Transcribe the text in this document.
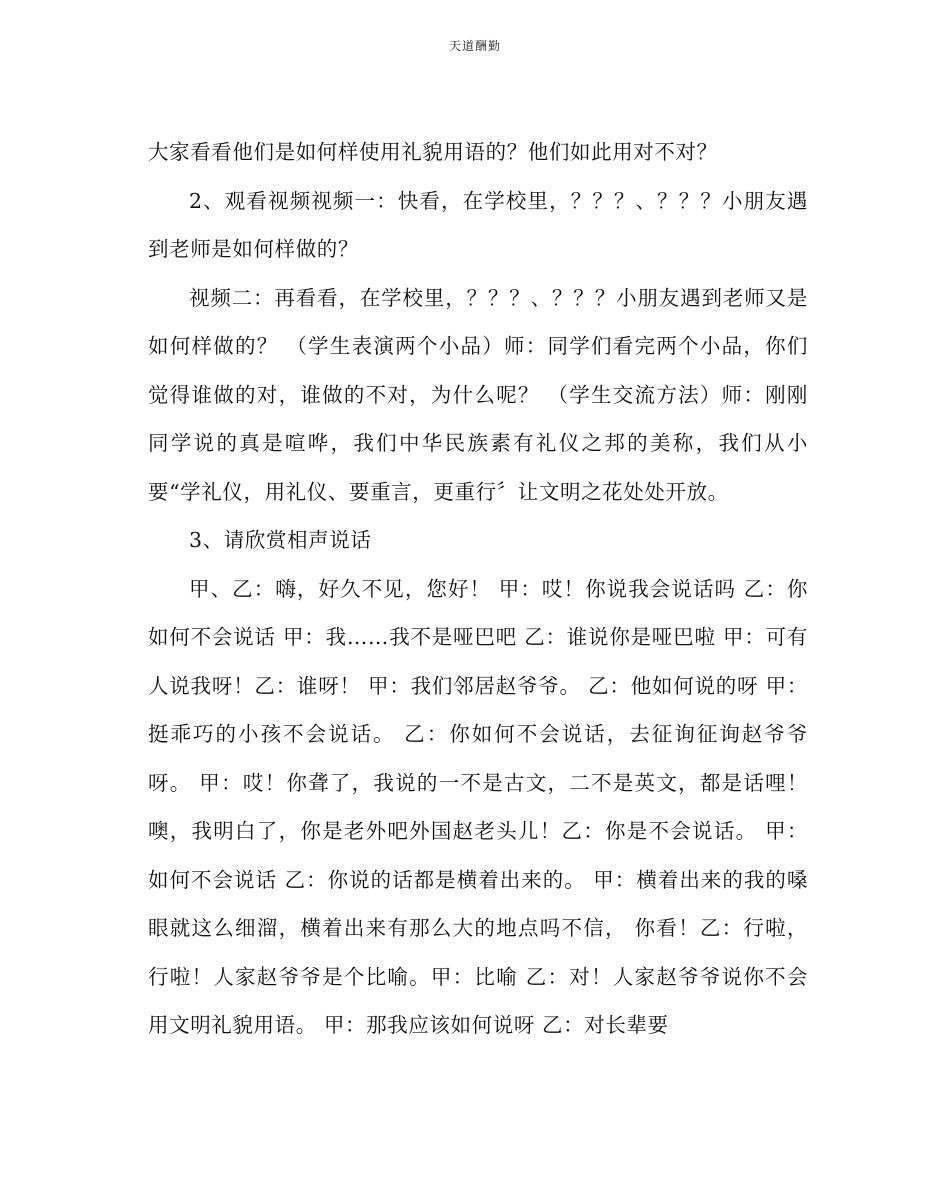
天道酬勤

大家看看他们是如何样使用礼貌用语的？他们如此用对不对？

2、观看视频视频一：快看，在学校里，？？？、？？？小朋友遇到老师是如何样做的？

视频二：再看看，在学校里，？？？、？？？小朋友遇到老师又是如何样做的？ （学生表演两个小品）师：同学们看完两个小品，你们觉得谁做的对，谁做的不对，为什么呢？ （学生交流方法）师：刚刚同学说的真是喧哗，我们中华民族素有礼仪之邦的美称，我们从小要“学礼仪，用礼仪、要重言，更重行〞让文明之花处处开放。

3、请欣赏相声说话

甲、乙：嗨，好久不见，您好！ 甲：哎！你说我会说话吗 乙：你如何不会说话 甲：我……我不是哑巴吧 乙：谁说你是哑巴啦 甲：可有人说我呀！乙：谁呀！ 甲：我们邻居赵爷爷。 乙：他如何说的呀 甲：挺乖巧的小孩不会说话。 乙：你如何不会说话，去征询征询赵爷爷呀。 甲：哎！你聋了，我说的一不是古文，二不是英文，都是话哩！噢，我明白了，你是老外吧外国赵老头儿！乙：你是不会说话。 甲：如何不会说话 乙：你说的话都是横着出来的。 甲：横着出来的我的嗓眼就这么细溜，横着出来有那么大的地点吗不信， 你看！乙：行啦，行啦！人家赵爷爷是个比喻。甲：比喻 乙：对！人家赵爷爷说你不会用文明礼貌用语。 甲：那我应该如何说呀 乙：对长辈要
